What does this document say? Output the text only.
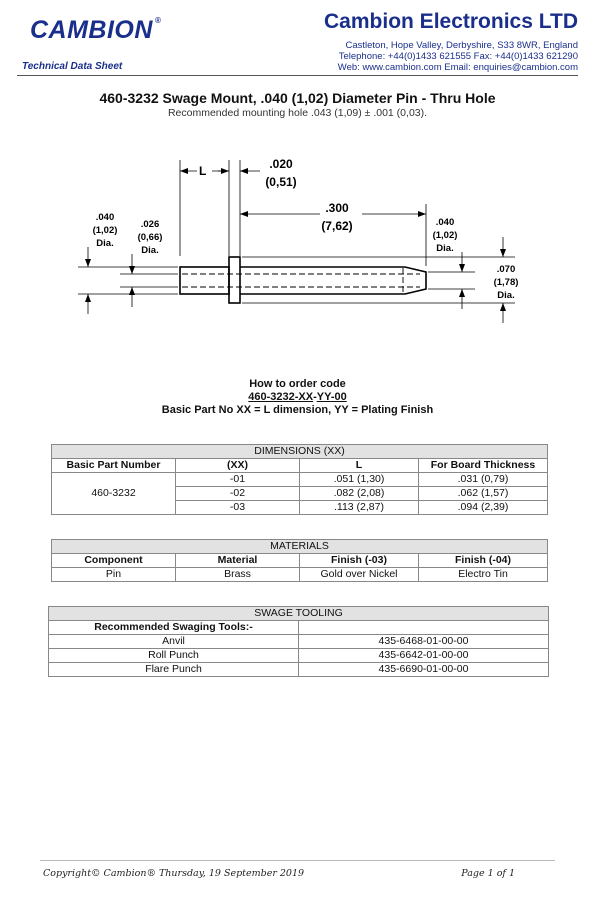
CAMBION ®
Technical Data Sheet
Cambion Electronics LTD
Castleton, Hope Valley, Derbyshire, S33 8WR, England
Telephone: +44(0)1433 621555 Fax: +44(0)1433 621290
Web: www.cambion.com Email: enquiries@cambion.com
460-3232 Swage Mount, .040 (1,02) Diameter Pin - Thru Hole
Recommended mounting hole .043 (1,09) ± .001 (0,03).
L	.020
(0,51)
.300
(7,62)
.040
(1,02)
Dia.
.026
(0,66)
Dia.
.040
(1,02)
Dia.
.070
(1,78)
Dia.
How to order code
460-3232-XX-YY-00
Basic Part No XX = L dimension, YY = Plating Finish
DIMENSIONS (XX)			
Basic Part Number	(XX)	L	For Board Thickness
460-3232	-01	.051 (1,30)	.031 (0,79)
	-02	.082 (2,08)	.062 (1,57)
	-03	.113 (2,87)	.094 (2,39)
MATERIALS			
Component	Material	Finish (-03)	Finish (-04)
Pin	Brass	Gold over Nickel	Electro Tin
SWAGE TOOLING	
Recommended Swaging Tools:-	
Anvil	435-6468-01-00-00
Roll Punch	435-6642-01-00-00
Flare Punch	435-6690-01-00-00
Copyright© Cambion® Thursday, 19 September 2019	Page 1 of 1
